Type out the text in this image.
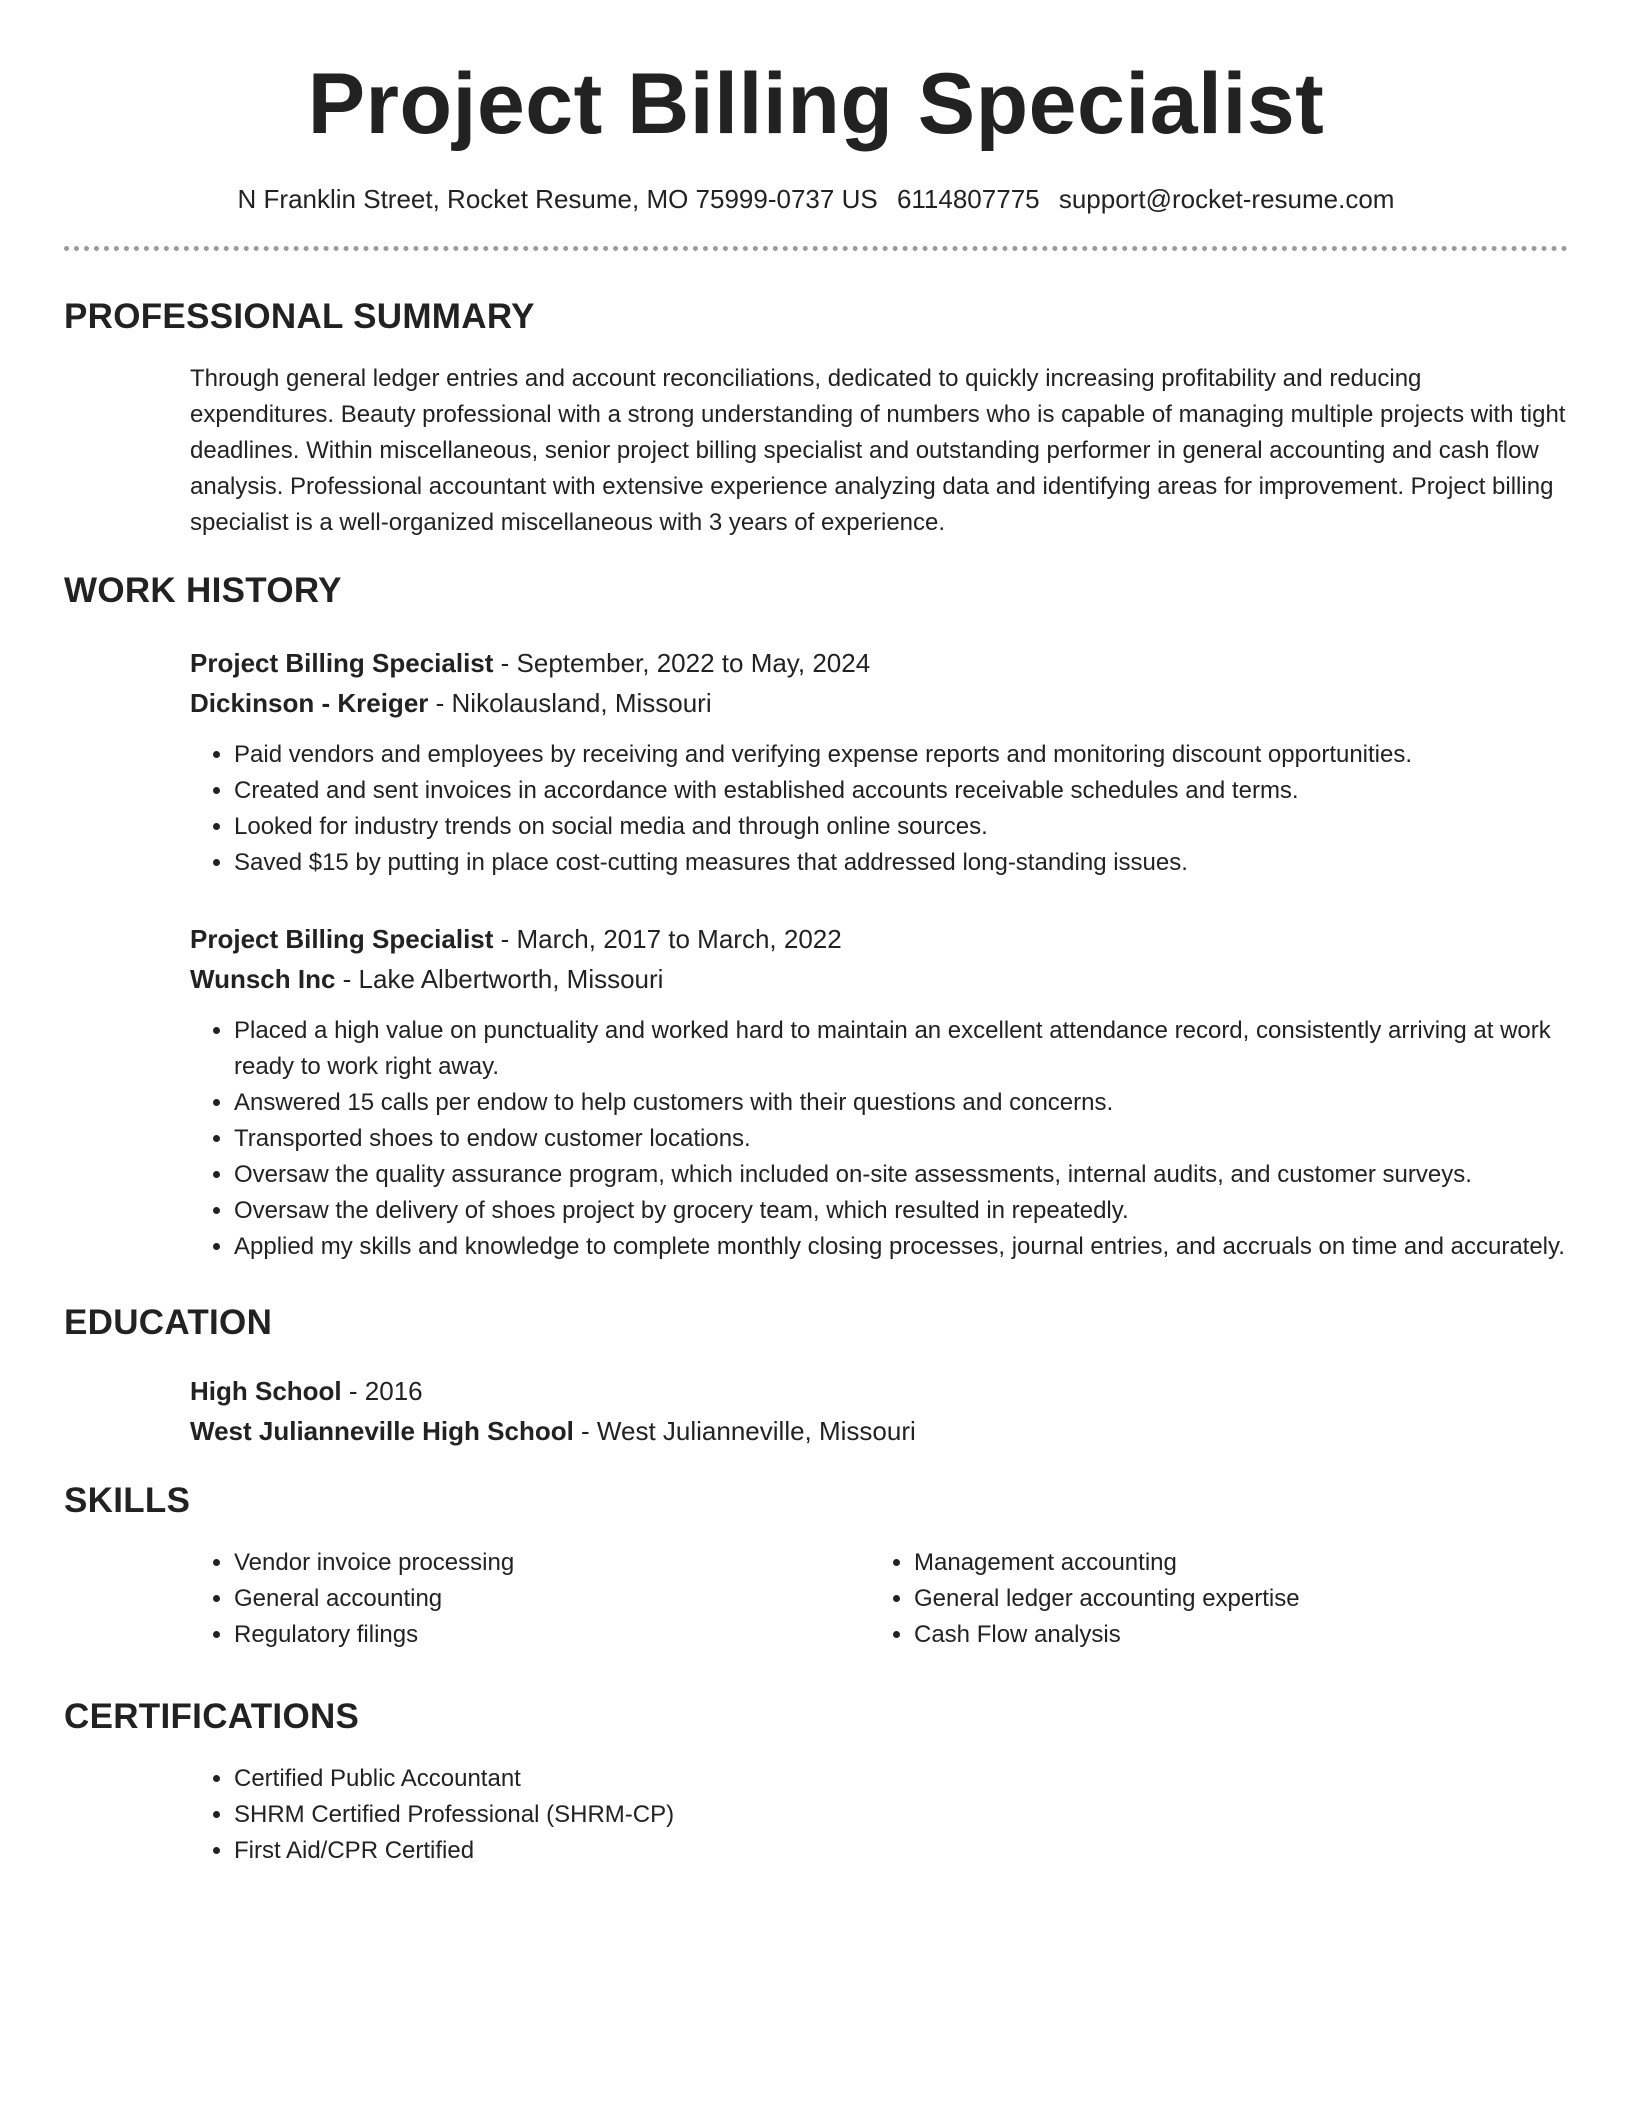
Project Billing Specialist
N Franklin Street, Rocket Resume, MO 75999-0737 US 6114807775 support@rocket-resume.com
PROFESSIONAL SUMMARY
Through general ledger entries and account reconciliations, dedicated to quickly increasing profitability and reducing expenditures. Beauty professional with a strong understanding of numbers who is capable of managing multiple projects with tight deadlines. Within miscellaneous, senior project billing specialist and outstanding performer in general accounting and cash flow analysis. Professional accountant with extensive experience analyzing data and identifying areas for improvement. Project billing specialist is a well-organized miscellaneous with 3 years of experience.
WORK HISTORY
Project Billing Specialist - September, 2022 to May, 2024
Dickinson - Kreiger - Nikolausland, Missouri
• Paid vendors and employees by receiving and verifying expense reports and monitoring discount opportunities.
• Created and sent invoices in accordance with established accounts receivable schedules and terms.
• Looked for industry trends on social media and through online sources.
• Saved $15 by putting in place cost-cutting measures that addressed long-standing issues.
Project Billing Specialist - March, 2017 to March, 2022
Wunsch Inc - Lake Albertworth, Missouri
• Placed a high value on punctuality and worked hard to maintain an excellent attendance record, consistently arriving at work ready to work right away.
• Answered 15 calls per endow to help customers with their questions and concerns.
• Transported shoes to endow customer locations.
• Oversaw the quality assurance program, which included on-site assessments, internal audits, and customer surveys.
• Oversaw the delivery of shoes project by grocery team, which resulted in repeatedly.
• Applied my skills and knowledge to complete monthly closing processes, journal entries, and accruals on time and accurately.
EDUCATION
High School - 2016
West Julianneville High School - West Julianneville, Missouri
SKILLS
• Vendor invoice processing
• General accounting
• Regulatory filings
• Management accounting
• General ledger accounting expertise
• Cash Flow analysis
CERTIFICATIONS
• Certified Public Accountant
• SHRM Certified Professional (SHRM-CP)
• First Aid/CPR Certified
